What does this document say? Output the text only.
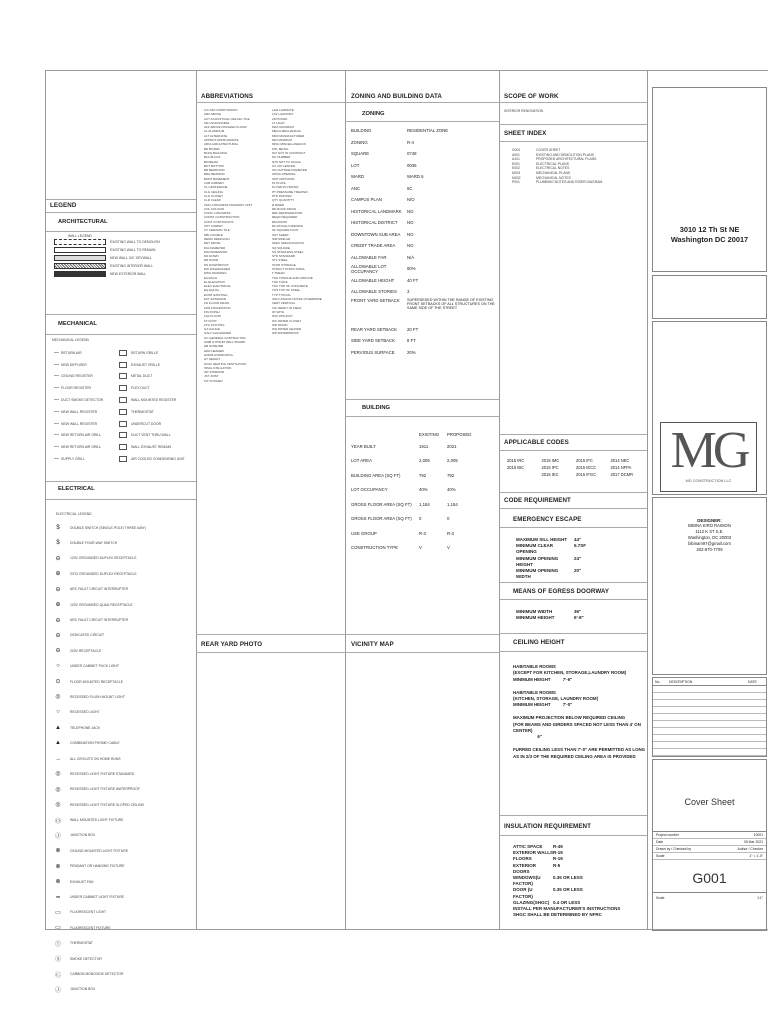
LEGEND
ARCHITECTURAL
WALL LEGEND
EXISTING WALL TO DEMOLISH
EXISTING WALL TO REMAIN
NEW WALL 3/4" DRYWALL
EXISTING INTERIOR WALL
NEW EXTERIOR WALL
MECHANICAL
MECHANICAL LEGEND
— RETURN AIR	RETURN GRILLE
— NEW DIFFUSER	EXHAUST GRILLE
— CEILING REGISTER	METAL DUCT
— FLOOR REGISTER	FLEX DUCT
— DUCT SMOKE DETECTOR	WALL MOUNTED REGISTER
— NEW WALL REGISTER	THERMOSTAT
— NEW WALL REGISTER	UNDERCUT DOOR
— NEW RETURN AIR GRILL	DUCT VENT THRU WALL
— NEW RETURN AIR GRILL	WALL EXHAUST REMAIN
— SUPPLY GRILL	AIR COOLED CONDENSING UNIT
ELECTRICAL
ELECTRICAL LEGEND
$	DOUBLE SWITCH (SINGLE-POLE/ THREE-WAY)
$	DOUBLE FOUR-WAY SWITCH
⊖	120V GROUNDED DUPLEX RECEPTACLE
⊕	GFCI GROUNDED DUPLEX RECEPTACLE
⊖	ARC FAULT CIRCUIT INTERRUPTER
⊕	120V GROUNDED QUAD RECEPTACLE
⊖	ARC FAULT CIRCUIT INTERRUPTER
⊖	DEDICATED CIRCUIT
⊖	220V RECEPTACLE
○	UNDER CABINET PUCK LIGHT
⊙	FLOOR MOUNTED RECEPTACLE
◎	RECESSED FLUSH MOUNT LIGHT
○	RECESSED LIGHT
▲	TELEPHONE JACK
▲	COMBINATION PHONE/ CABLE
→	ALL CIRCUITS ON HOME RUNS
◎	RECESSED LIGHT FIXTURE STANDARD
◎	RECESSED LIGHT FIXTURE WATERPROOF
◎	RECESSED LIGHT FIXTURE SLOPED CEILING
Ⓞ	WALL MOUNTED LIGHT FIXTURE
Ⓙ	JUNCTION BOX
⊗	CEILING MOUNTED LIGHT FIXTURE
⊗	PENDANT OR HANGING FIXTURE
⊗	EXHAUST FAN
━	UNDER CABINET LIGHT FIXTURE
▭	FLUORESCENT LIGHT
▭	FLUORESCENT FIXTURE
Ⓣ	THERMOSTAT
Ⓢ	SMOKE DETECTOR
Ⓒ	CARBON MONOXIDE DETECTOR
Ⓙ	JUNCTION BOX
ABBREVIATIONS
A/C AIR CONDITIONING
ABV ABOVE
ACT ACOUSTICAL CEILING TILE
ADJ ADJUSTABLE
AFF ABOVE FINISHED FLOOR
AL ALUMINUM
ALT ALTERNATE
APPROX APPROXIMATE
ARCH ARCHITECTURAL
BD BOARD
BLDG BUILDING
BLK BLOCK
BM BEAM
BOT BOTTOM
BR BEDROOM
BRG BEARING
BSMT BASEMENT
CAB CABINET
CL CENTERLINE
CLG CEILING
CLO CLOSET
CLR CLEAR
CMU CONCRETE MASONRY UNIT
COL COLUMN
CONC CONCRETE
CONST CONSTRUCTION
CONT CONTINUOUS
CPT CARPET
CT CERAMIC TILE
DBL DOUBLE
DEMO DEMOLISH
DET DETAIL
DIA DIAMETER
DIM DIMENSION
DN DOWN
DR DOOR
DS DOWNSPOUT
DW DISHWASHER
DWG DRAWING
EA EACH
EL ELEVATION
ELEC ELECTRICAL
EQ EQUAL
EXIST EXISTING
EXT EXTERIOR
FD FLOOR DRAIN
FDN FOUNDATION
FIN FINISH
FLR FLOOR
FT FOOT
FTG FOOTING
GA GAUGE
GALV GALVANIZED
GC GENERAL CONTRACTOR
GWB GYPSUM WALL BOARD
HB HOSE BIB
HDR HEADER
HORIZ HORIZONTAL
HT HEIGHT
HVAC HEATING VENTILATION
INSUL INSULATION
INT INTERIOR
JST JOIST
KIT KITCHEN
LAM LAMINATE
LAV LAVATORY
LB POUND
LT LIGHT
MAX MAXIMUM
MECH MECHANICAL
MFR MANUFACTURER
MIN MINIMUM
MISC MISCELLANEOUS
MTL METAL
NIC NOT IN CONTRACT
NO NUMBER
NTS NOT TO SCALE
OC ON CENTER
OD OUTSIDE DIAMETER
OPNG OPENING
OPP OPPOSITE
PL PLATE
PLYWD PLYWOOD
PT PRESSURE TREATED
PTD PAINTED
QTY QUANTITY
R RISER
RD ROOF DRAIN
REF REFRIGERATOR
REQD REQUIRED
RM ROOM
RO ROUGH OPENING
SF SQUARE FOOT
SHT SHEET
SIM SIMILAR
SPEC SPECIFICATION
SQ SQUARE
SS STAINLESS STEEL
STD STANDARD
STL STEEL
STOR STORAGE
STRUCT STRUCTURAL
T TREAD
T&G TONGUE AND GROOVE
THK THICK
TOC TOP OF CONCRETE
TOS TOP OF STEEL
TYP TYPICAL
UNO UNLESS NOTED OTHERWISE
VERT VERTICAL
VIF VERIFY IN FIELD
W/ WITH
W/O WITHOUT
WC WATER CLOSET
WD WOOD
WH WATER HEATER
WP WATERPROOF
REAR YARD PHOTO
ZONING AND BUILDING DATA
ZONING
BUILDING	RESIDENTIAL ZONE
ZONING	R-4
SQUARE	0748
LOT	0035
WARD	WARD 6
ANC	6C
CAMPUS PLAN	N/O
HISTORICAL LANDMARK	NO
HISTORICAL DISTRICT	NO
DOWNTOWN SUB AREA	NO
CREDIT TRADE AREA	NO
ALLOWABLE FAR	N/A
ALLOWABLE LOT OCCUPANCY	60%
ALLOWABLE HEIGHT	40 FT
ALLOWABLE STORIES	3
FRONT YARD SETBACK	SUPERSEDED WITHIN THE RANGE OF EXISTING FRONT SETBACKS OF ALL STRUCTURES ON THE SAME SIDE OF THE STREET
REAR YARD SETBACK	20 FT
SIDE YARD SETBACK	8 FT
PERVIOUS SURFACE	20%
BUILDING
EXISTING	PROPOSED
YEAR BUILT	1911	2021
LOT AREA	2,005	2,005
BUILDING AREA (SQ FT)	792	792
LOT OCCUPANCY	40%	40%
GROSS FLOOR AREA (SQ FT)	1,184	1,184
GROSS FLOOR AREA (SQ FT)	0	0
USE GROUP	R-3	R-3
CONSTRUCTION TYPE	V	V
VICINITY MAP
SCOPE OF WORK
INTERIOR RENOVATION
SHEET INDEX
G001	COVER SHEET
A001	EXISTING AND DEMOLITION PLANS
A101	PROPOSED ARCHITECTURAL PLANS
E001	ELECTRICAL PLANS
E002	ELECTRICAL NOTES
M001	MECHANICAL PLANS
M002	MECHANICAL NOTES
P001	PLUMBING NOTES AND RISER DIAGRAM
APPLICABLE CODES
2015 IRC	2015 IMC	2015 IFC	2014 NEC
2015 IBC	2015 IPC	2015 IECC	2014 NFPA
2015 IEC	2015 IFGC	2017 DCMR
CODE REQUIREMENT
EMERGENCY ESCAPE
MAXIMUM SILL HEIGHT	44"
MINIMUM CLEAR OPENING
5.7SF
MINIMUM OPENING HEIGHT
24"
MINIMUM OPENING WIDTH
20"
MEANS OF EGRESS DOORWAY
MINIMUM WIDTH	36"
MINIMUM HEIGHT	6'-8"
CEILING HEIGHT
HABITABLE ROOMS
(EXCEPT FOR KITCHEN, STORAGE,LAUNDRY ROOM)
MINIMUM HEIGHT          7'-6"
HABITABLE ROOMS
(KITCHEN, STORAGE, LAUNDRY ROOM)
MINIMUM HEIGHT          7'-0"
MAXIMUM PROJECTION BELOW REQUIRED CEILING
(FOR BEAMS AND GIRDERS SPACED NOT LESS THAN 4' ON
CENTER)
6"
FURRED CEILING LESS THAN 7'-0" ARE PERMITTED AS LONG
AS IN 2/3 OF THE REQUIRED CEILING AREA IS PROVIDED
INSULATION REQUIREMENT
ATTIC SPACE	R-49
EXTERIOR WALLS R-19
FLOORS	R-19
EXTERIOR DOORS
R-5
WINDOWS(U FACTOR)
0.35 OR LESS
DOOR (U FACTOR)
0.35 OR LESS
GLAZING(SHGC) 0.4 OR LESS
INSTALL PER MANUFACTURER'S INSTRUCTIONS
SHGC SHALL BE DETERMINED BY NFRC
3010 12 Th St NE
Washington DC 20017
MG
MG CONSTRUCTION LLC
DESIGNER:
BIBINA KIRO RAIMON
1112 K ST S.E.
Washington, DC 20003
bibinam97@gmail.com
202-870-7709
No.	DESCRIPTION	DATE
Cover Sheet
Project number	10001
Date	05 Mar 2021
Drawn by / Checked by	Author / Checker
Scale	1" = 1'-0"
G001
Scale	1:1"
